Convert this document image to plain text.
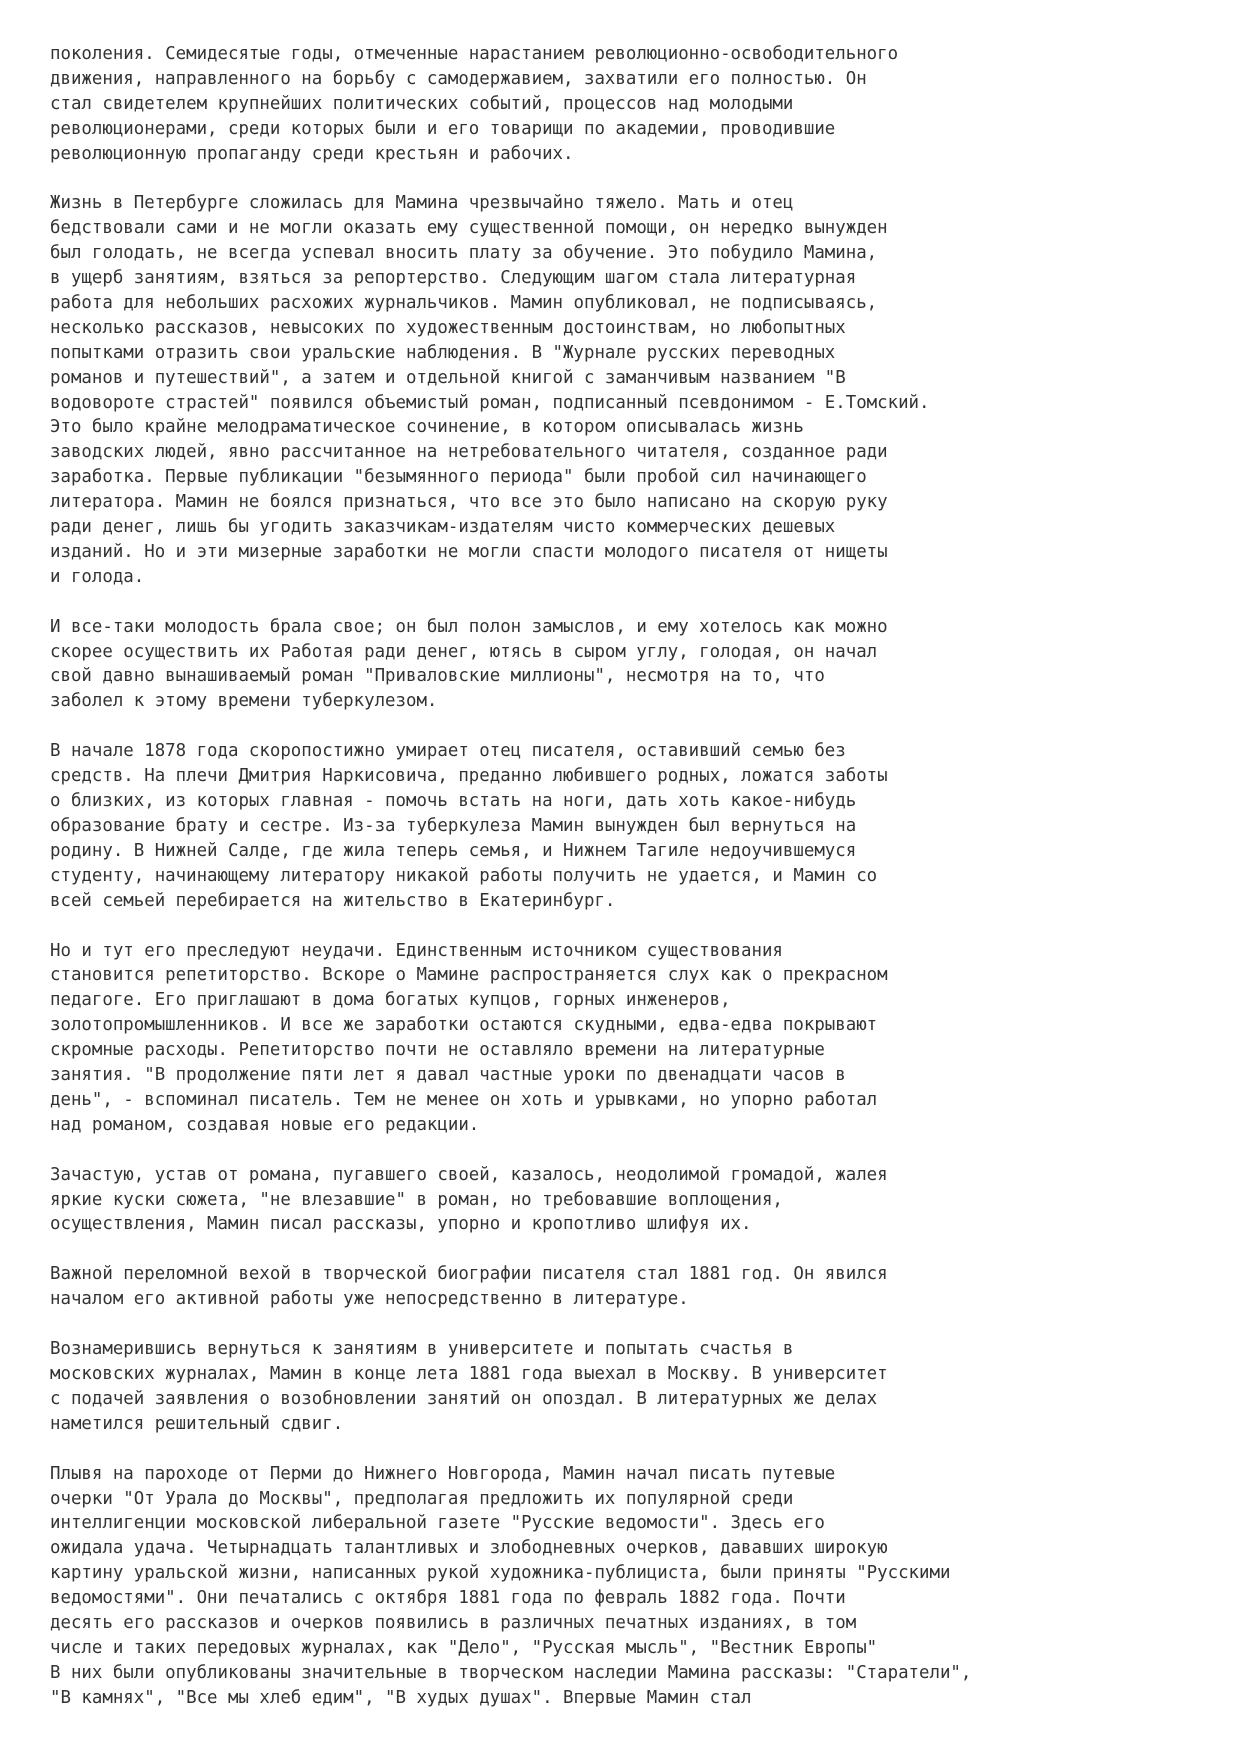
поколения. Семидесятые годы, отмеченные нарастанием революционно-освободительного
движения, направленного на борьбу с самодержавием, захватили его полностью. Он
стал свидетелем крупнейших политических событий, процессов над молодыми
революционерами, среди которых были и его товарищи по академии, проводившие
революционную пропаганду среди крестьян и рабочих.
Жизнь в Петербурге сложилась для Мамина чрезвычайно тяжело. Мать и отец
бедствовали сами и не могли оказать ему существенной помощи, он нередко вынужден
был голодать, не всегда успевал вносить плату за обучение. Это побудило Мамина,
в ущерб занятиям, взяться за репортерство. Следующим шагом стала литературная
работа для небольших расхожих журнальчиков. Мамин опубликовал, не подписываясь,
несколько рассказов, невысоких по художественным достоинствам, но любопытных
попытками отразить свои уральские наблюдения. В "Журнале русских переводных
романов и путешествий", а затем и отдельной книгой с заманчивым названием "В
водовороте страстей" появился объемистый роман, подписанный псевдонимом - Е.Томский.
Это было крайне мелодраматическое сочинение, в котором описывалась жизнь
заводских людей, явно рассчитанное на нетребовательного читателя, созданное ради
заработка. Первые публикации "безымянного периода" были пробой сил начинающего
литератора. Мамин не боялся признаться, что все это было написано на скорую руку
ради денег, лишь бы угодить заказчикам-издателям чисто коммерческих дешевых
изданий. Но и эти мизерные заработки не могли спасти молодого писателя от нищеты
и голода.
И все-таки молодость брала свое; он был полон замыслов, и ему хотелось как можно
скорее осуществить их Работая ради денег, ютясь в сыром углу, голодая, он начал
свой давно вынашиваемый роман "Приваловские миллионы", несмотря на то, что
заболел к этому времени туберкулезом.
В начале 1878 года скоропостижно умирает отец писателя, оставивший семью без
средств. На плечи Дмитрия Наркисовича, преданно любившего родных, ложатся заботы
о близких, из которых главная - помочь встать на ноги, дать хоть какое-нибудь
образование брату и сестре. Из-за туберкулеза Мамин вынужден был вернуться на
родину. В Нижней Салде, где жила теперь семья, и Нижнем Тагиле недоучившемуся
студенту, начинающему литератору никакой работы получить не удается, и Мамин со
всей семьей перебирается на жительство в Екатеринбург.
Но и тут его преследуют неудачи. Единственным источником существования
становится репетиторство. Вскоре о Мамине распространяется слух как о прекрасном
педагоге. Его приглашают в дома богатых купцов, горных инженеров,
золотопромышленников. И все же заработки остаются скудными, едва-едва покрывают
скромные расходы. Репетиторство почти не оставляло времени на литературные
занятия. "В продолжение пяти лет я давал частные уроки по двенадцати часов в
день", - вспоминал писатель. Тем не менее он хоть и урывками, но упорно работал
над романом, создавая новые его редакции.
Зачастую, устав от романа, пугавшего своей, казалось, неодолимой громадой, жалея
яркие куски сюжета, "не влезавшие" в роман, но требовавшие воплощения,
осуществления, Мамин писал рассказы, упорно и кропотливо шлифуя их.
Важной переломной вехой в творческой биографии писателя стал 1881 год. Он явился
началом его активной работы уже непосредственно в литературе.
Вознамерившись вернуться к занятиям в университете и попытать счастья в
московских журналах, Мамин в конце лета 1881 года выехал в Москву. В университет
с подачей заявления о возобновлении занятий он опоздал. В литературных же делах
наметился решительный сдвиг.
Плывя на пароходе от Перми до Нижнего Новгорода, Мамин начал писать путевые
очерки "От Урала до Москвы", предполагая предложить их популярной среди
интеллигенции московской либеральной газете "Русские ведомости". Здесь его
ожидала удача. Четырнадцать талантливых и злободневных очерков, дававших широкую
картину уральской жизни, написанных рукой художника-публициста, были приняты "Русскими
ведомостями". Они печатались с октября 1881 года по февраль 1882 года. Почти
десять его рассказов и очерков появились в различных печатных изданиях, в том
числе и таких передовых журналах, как "Дело", "Русская мысль", "Вестник Европы"
В них были опубликованы значительные в творческом наследии Мамина рассказы: "Старатели",
"В камнях", "Все мы хлеб едим", "В худых душах". Впервые Мамин стал
